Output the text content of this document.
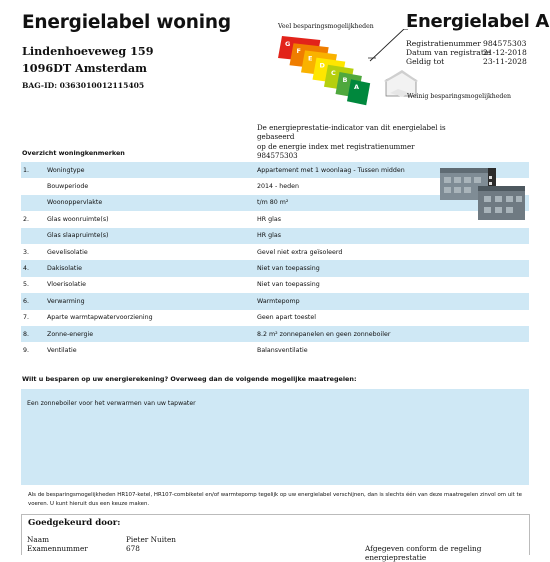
Energielabel woning
Lindenhoeveweg 159
1096DT Amsterdam
BAG-ID: 0363010012115405
Veel besparingsmogelijkheden
G
F
E
D
C
B
A
Weinig besparingsmogelijkheden
Energielabel A
Registratienummer 984575303
Datum van registratie
21-12-2018
Geldig tot	23-11-2028
De energieprestatie-indicator van dit energielabel is gebaseerd
op de energie index met registratienummer 984575303
Overzicht woningkenmerken
1.	Woningtype	Appartement met 1 woonlaag - Tussen midden
Bouwperiode	2014 - heden
Woonoppervlakte	t/m 80 m²
2.	Glas woonruimte(s)	HR glas
Glas slaapruimte(s)	HR glas
3.	Gevelisolatie	Gevel niet extra geïsoleerd
4.	Dakisolatie	Niet van toepassing
5.	Vloerisolatie	Niet van toepassing
6.	Verwarming	Warmtepomp
7.	Aparte warmtapwatervoorziening	Geen apart toestel
8.	Zonne-energie	8.2 m² zonnepanelen en geen zonneboiler
9.	Ventilatie	Balansventilatie
Wilt u besparen op uw energierekening? Overweeg dan de volgende mogelijke maatregelen:
Een zonneboiler voor het verwarmen van uw tapwater
Als de besparingsmogelijkheden HR107-ketel, HR107-combiketel en/of warmtepomp tegelijk op uw energielabel verschijnen, dan is slechts één van deze maatregelen zinvol om uit te
voeren. U kunt hieruit dus een keuze maken.
Goedgekeurd door:
Naam	Pieter Nuiten
Examennummer	678	Afgegeven conform de regeling energieprestatie
